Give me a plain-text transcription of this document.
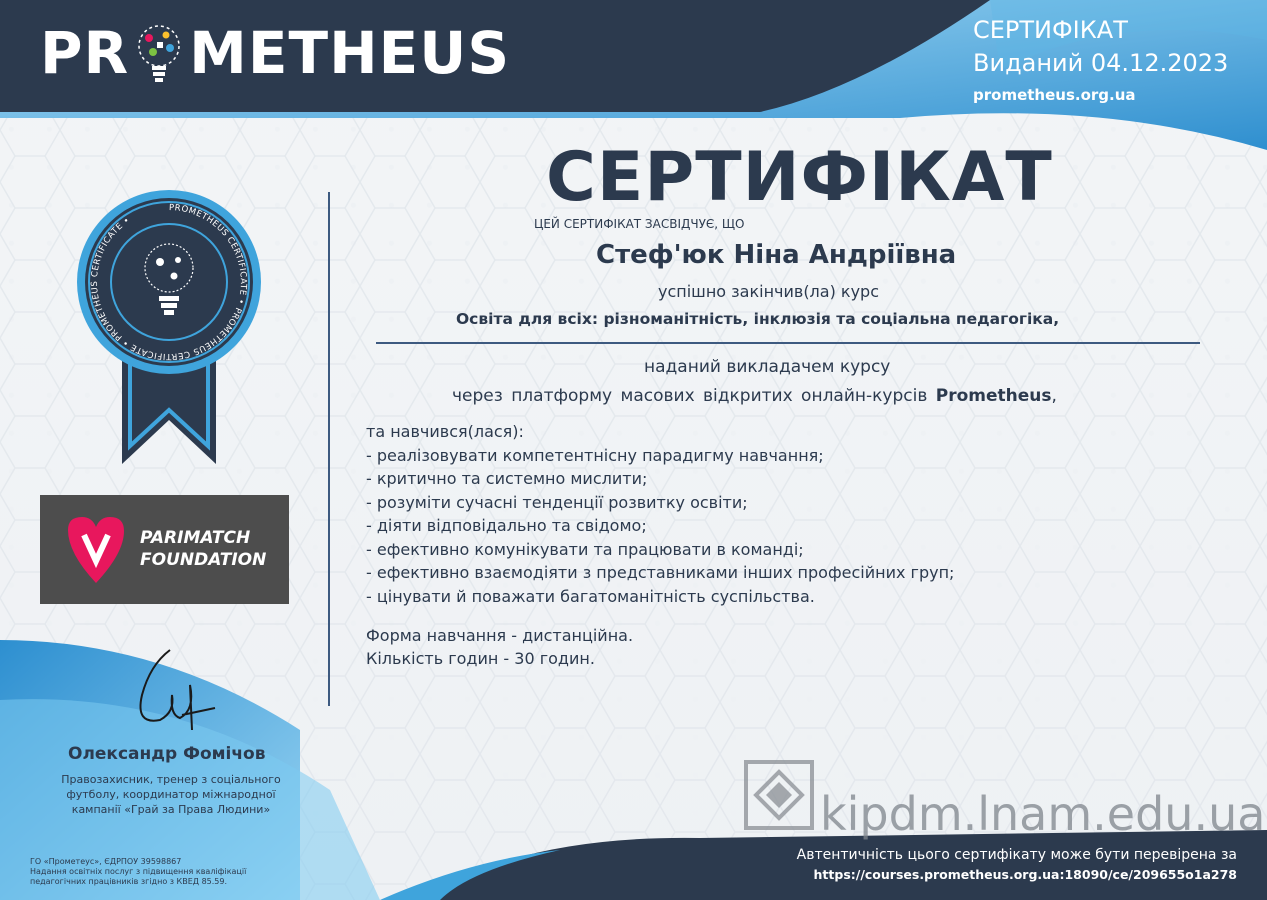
PR METHEUS	СЕРТИФІКАТ
Виданий 04.12.2023
prometheus.org.ua
PROMETHEUS CERTIFICATE • PROMETHEUS CERTIFICATE • PROMETHEUS CERTIFICATE •
PARIMATCH
FOUNDATION
Олександр Фомічов
Правозахисник, тренер з соціального
футболу, координатор міжнародної
кампанії «Грай за Права Людини»
ГО «Прометеус», ЄДРПОУ 39598867
Надання освітніх послуг з підвищення кваліфікації
педагогічних працівників згідно з КВЕД 85.59.
СЕРТИФІКАТ
ЦЕЙ СЕРТИФІКАТ ЗАСВІДЧУЄ, ЩО
Стеф'юк Ніна Андріївна
успішно закінчив(ла) курс
Освіта для всіх: різноманітність, інклюзія та соціальна педагогіка,
наданий викладачем курсу
через платформу масових відкритих онлайн-курсів Prometheus,
та навчився(лася):
- реалізовувати компетентнісну парадигму навчання;
- критично та системно мислити;
- розуміти сучасні тенденції розвитку освіти;
- діяти відповідально та свідомо;
- ефективно комунікувати та працювати в команді;
- ефективно взаємодіяти з представниками інших професійних груп;
- цінувати й поважати багатоманітність суспільства.
Форма навчання - дистанційна.
Кількість годин - 30 годин.
kipdm.lnam.edu.ua
Автентичність цього сертифікату може бути перевірена за
https://courses.prometheus.org.ua:18090/ce/209655o1a278
